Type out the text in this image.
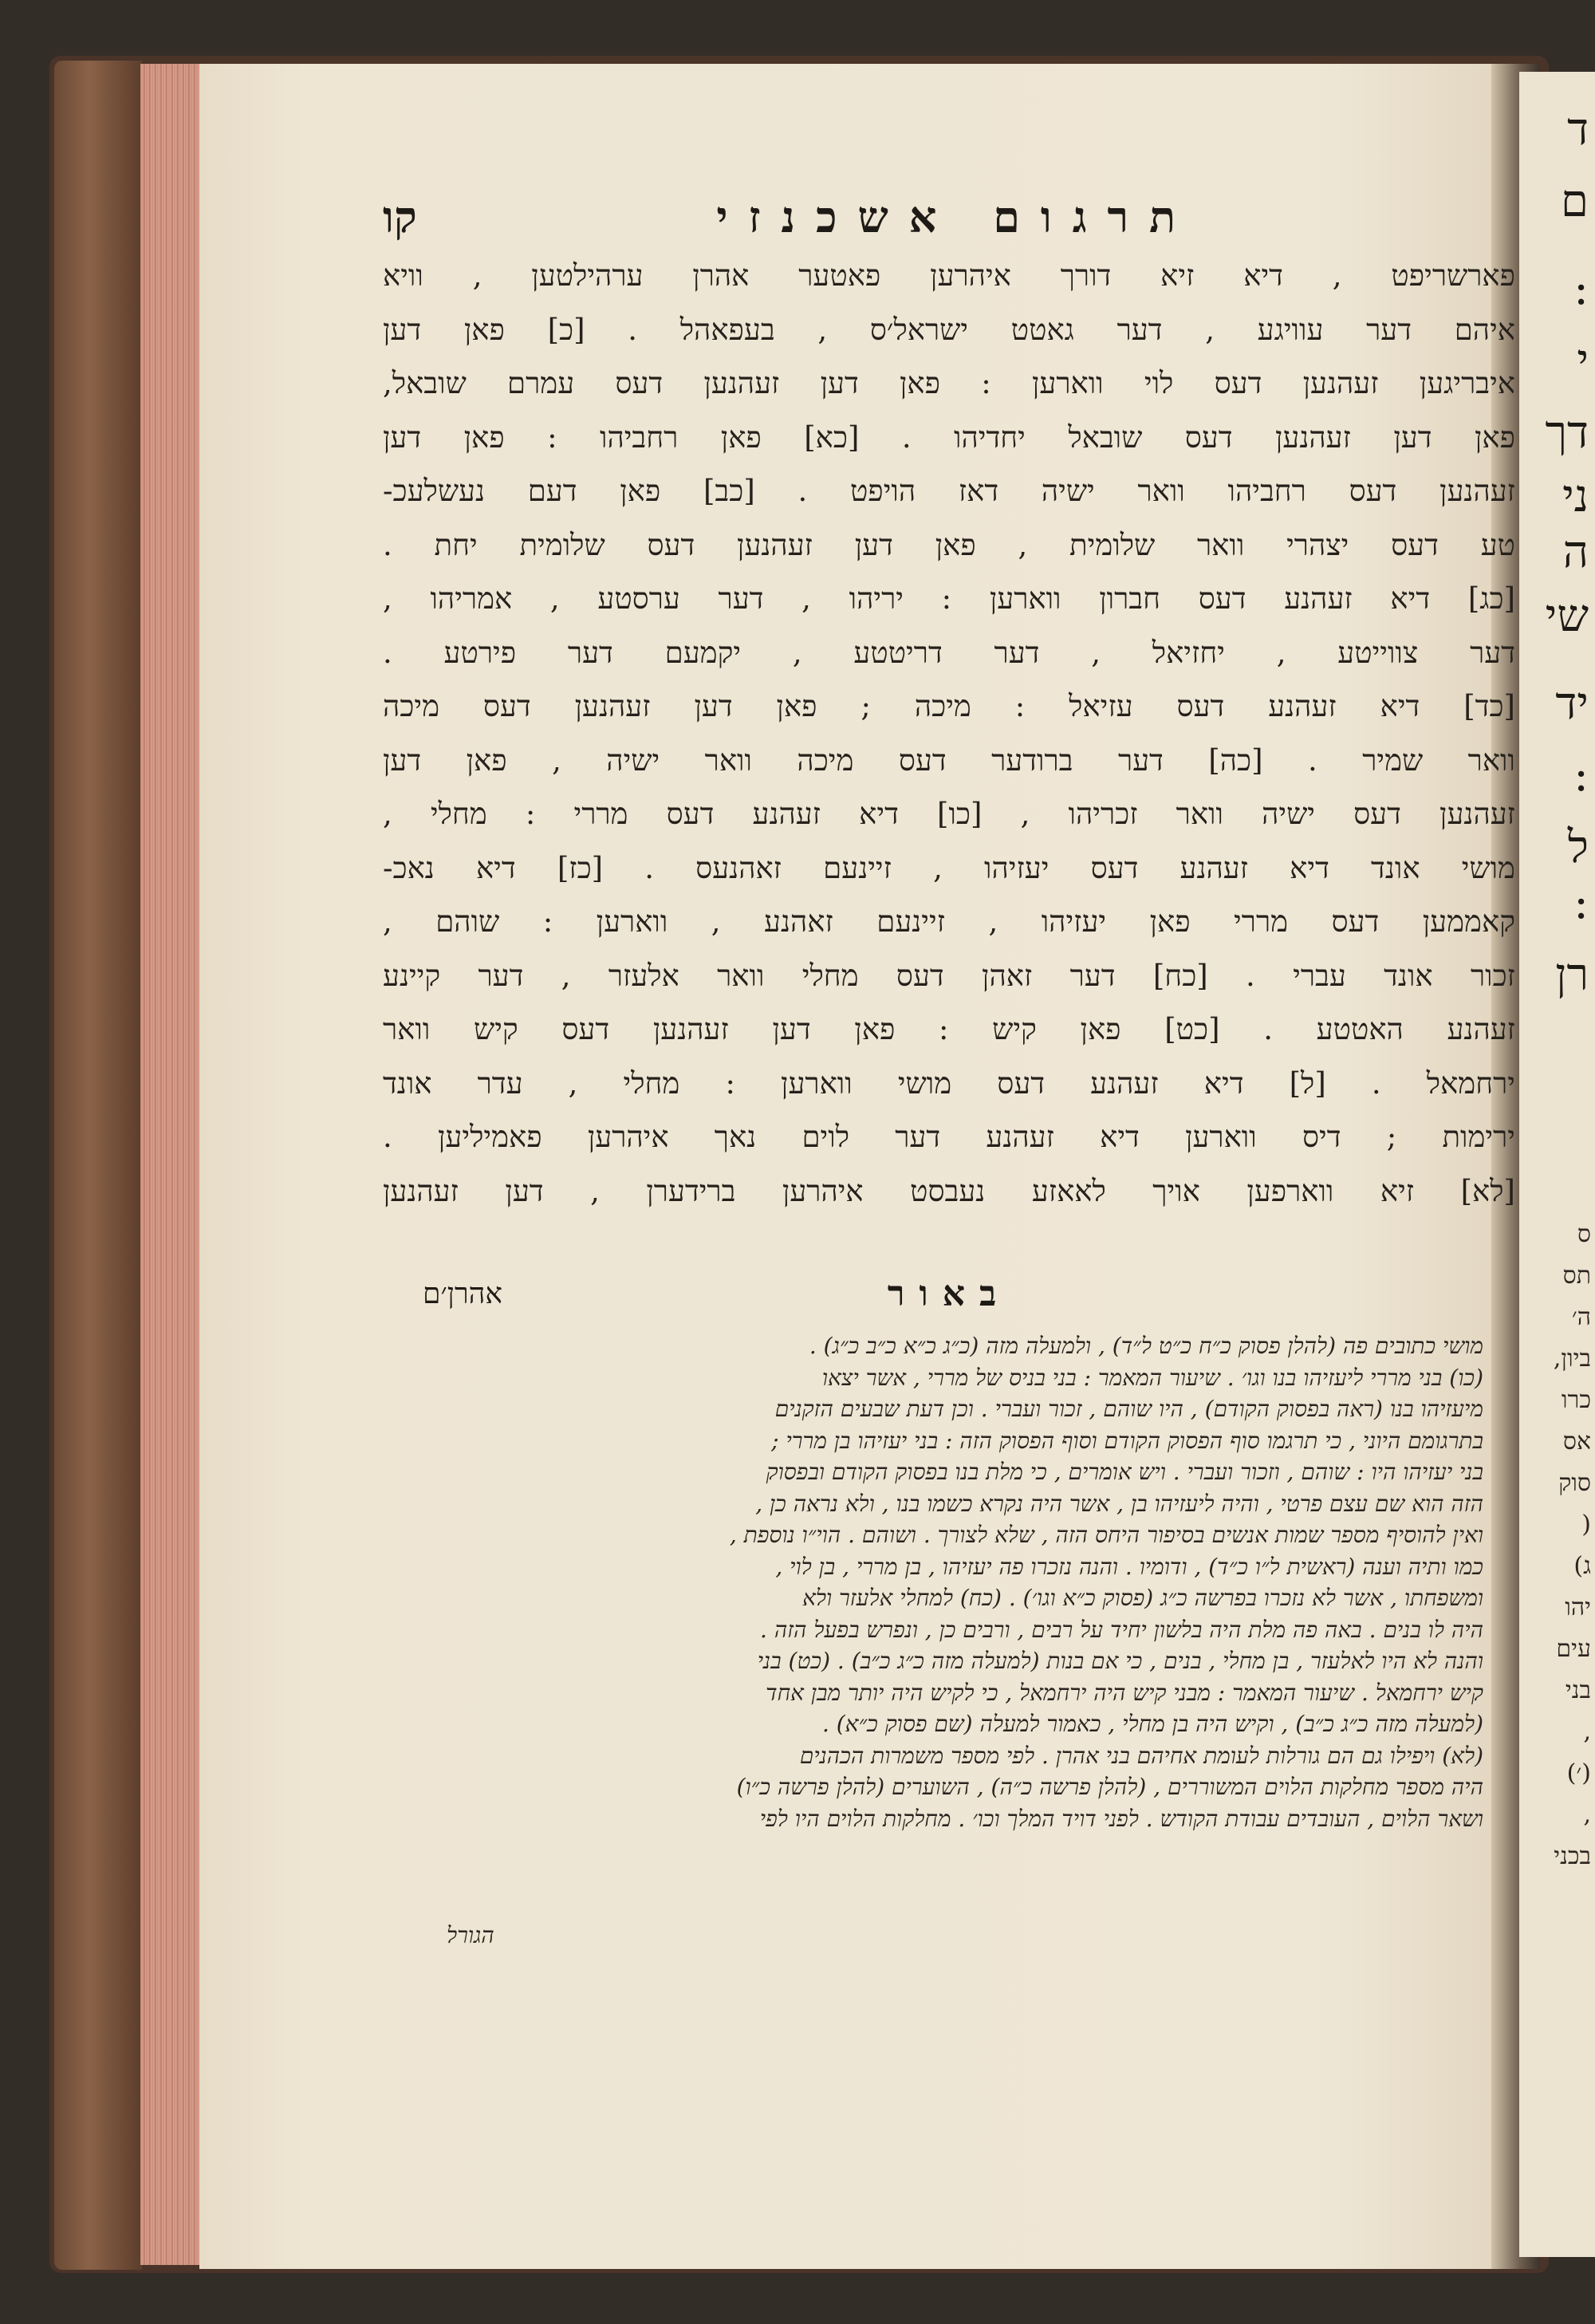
ד
ם
:
י
דך
ני
ה
שי
יד
:
ל
:
רן
ס
תס
ה׳
ביון,
כרו
אס
סוק
(
ג)
יהו
עים
בני
,
(׳)
,
בכני
תרגום אשכנזי
קו
פארשריפט , דיא זיא דורך איהרען פאטער אהרן ערהילטען , וויא
איהם דער עוויגע , דער גאטט ישראל׳ס , בעפאהל . [כ] פאן דען
איבריגען זעהנען דעס לוי ווארען : פאן דען זעהנען דעס עמרם שובאל,
פאן דען זעהנען דעס שובאל יחדיהו . [כא] פאן רחביהו : פאן דען
זעהנען דעס רחביהו וואר ישיה דאז הויפט . [כב] פאן דעם נעשלעכ-
טע דעס יצהרי וואר שלומית , פאן דען זעהנען דעס שלומית יחת .
[כג] דיא זעהנע דעס חברון ווארען : יריהו , דער ערסטע , אמריהו ,
דער צווייטע , יחזיאל , דער דריטטע , יקמעם דער פירטע .
[כד] דיא זעהנע דעס עזיאל : מיכה ; פאן דען זעהנען דעס מיכה
וואר שמיר . [כה] דער ברודער דעס מיכה וואר ישיה , פאן דען
זעהנען דעס ישיה וואר זכריהו , [כו] דיא זעהנע דעס מררי : מחלי ,
מושי אונד דיא זעהנע דעס יעזיהו , זיינעם זאהנעס . [כז] דיא נאכ-
קאממען דעס מררי פאן יעזיהו , זיינעם זאהנע , ווארען : שוהם ,
זכור אונד עברי . [כח] דער זאהן דעס מחלי וואר אלעזר , דער קיינע
זעהנע האטטע . [כט] פאן קיש : פאן דען זעהנען דעס קיש וואר
ירחמאל . [ל] דיא זעהנע דעס מושי ווארען : מחלי , עדר אונד
ירימות ; דיס ווארען דיא זעהנע דער לוים נאך איהרען פאמיליען .
[לא] זיא ווארפען אויך לאאזע נעבסט איהרען ברידערן , דען זעהנען
באור
אהרן׳ם
מושי כתובים פה (להלן פסוק כ״ח כ״ט ל״ד) , ולמעלה מזה (כ״ג כ״א כ״ב כ״ג) .
(כו) בני מררי ליעזיהו בנו וגו׳ . שיעור המאמר : בני בניס של מררי , אשר יצאו
מיעזיהו בנו (ראה בפסוק הקודם) , היו שוהם , זכור ועברי . וכן דעת שבעים הזקנים
בתרגומם היוני , כי תרגמו סוף הפסוק הקודם וסוף הפסוק הזה : בני יעזיהו בן מררי ;
בני יעזיהו היו : שוהם , וזכור ועברי . ויש אומרים , כי מלת בנו בפסוק הקודם ובפסוק
הזה הוא שם עצם פרטי , והיה ליעזיהו בן , אשר היה נקרא כשמו בנו , ולא נראה כן ,
ואין להוסיף מספר שמות אנשים בסיפור היחס הזה , שלא לצורך . ושוהם . הוי״ו נוספת ,
כמו ותיה וענה (ראשית ל״ו כ״ד) , ודומיו . והנה נזכרו פה יעזיהו , בן מררי , בן לוי ,
ומשפחתו , אשר לא נזכרו בפרשה כ״ג (פסוק כ״א וגו׳) . (כח) למחלי אלעזר ולא
היה לו בנים . באה פה מלת היה בלשון יחיד על רבים , ורבים כן , ונפרש בפעל הזה .
והנה לא היו לאלעזר , בן מחלי , בנים , כי אם בנות (למעלה מזה כ״ג כ״ב) . (כט) בני
קיש ירחמאל . שיעור המאמר : מבני קיש היה ירחמאל , כי לקיש היה יותר מבן אחד
(למעלה מזה כ״ג כ״ב) , וקיש היה בן מחלי , כאמור למעלה (שם פסוק כ״א) .
(לא) ויפילו גם הם גורלות לעומת אחיהם בני אהרן . לפי מספר משמרות הכהנים
היה מספר מחלקות הלוים המשוררים , (להלן פרשה כ״ה) , השוערים (להלן פרשה כ״ו)
ושאר הלוים , העובדים עבודת הקודש . לפני דויד המלך וכו׳ . מחלקות הלוים היו לפי
הגורל
